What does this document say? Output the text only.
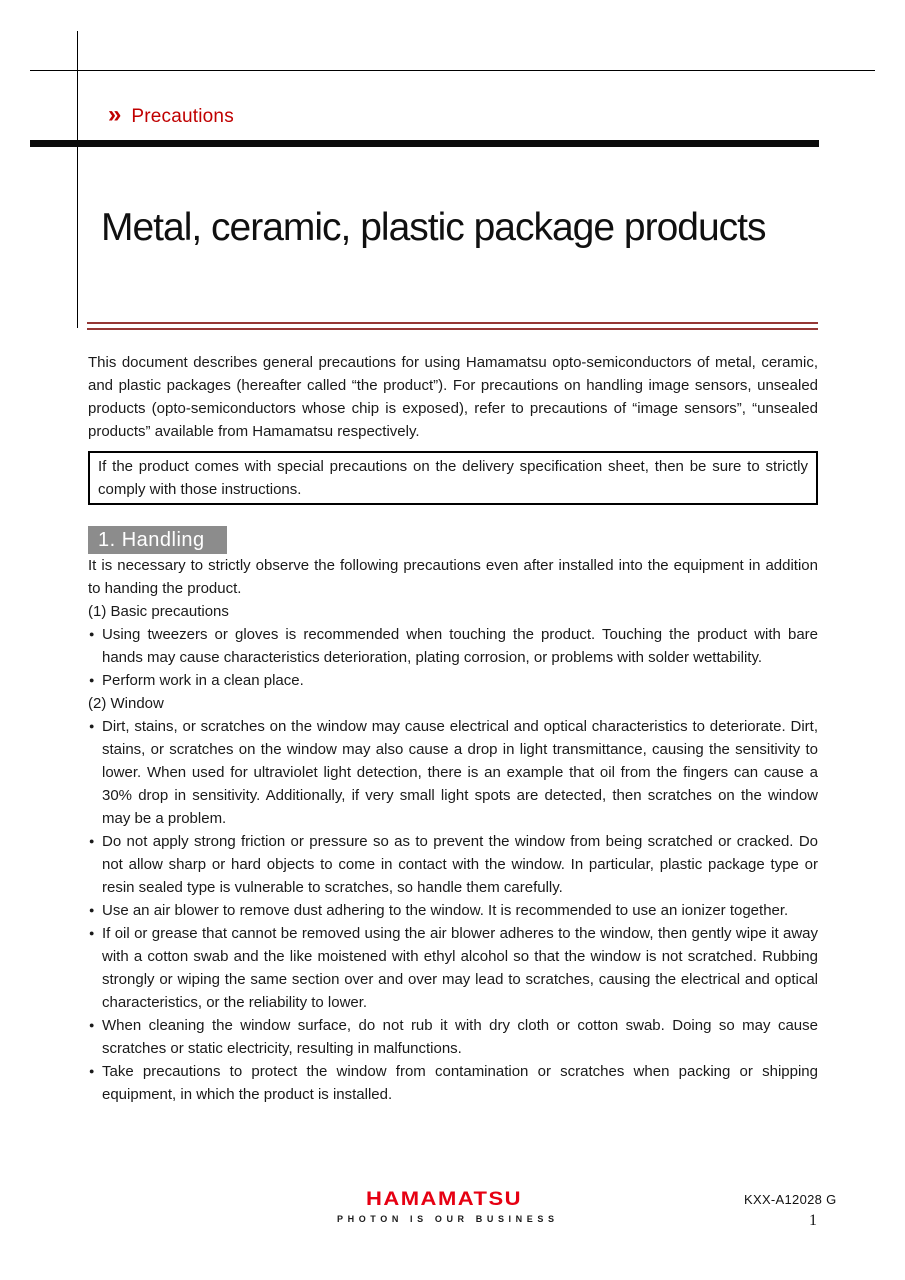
» Precautions
Metal, ceramic, plastic package products

This document describes general precautions for using Hamamatsu opto-semiconductors of metal, ceramic, and plastic packages (hereafter called “the product”). For precautions on handling image sensors, unsealed products (opto-semiconductors whose chip is exposed), refer to precautions of “image sensors”, “unsealed products” available from Hamamatsu respectively.

If the product comes with special precautions on the delivery specification sheet, then be sure to strictly comply with those instructions.

1. Handling

It is necessary to strictly observe the following precautions even after installed into the equipment in addition to handing the product.

(1) Basic precautions

● Using tweezers or gloves is recommended when touching the product. Touching the product with bare hands may cause characteristics deterioration, plating corrosion, or problems with solder wettability.

● Perform work in a clean place.

(2) Window

● Dirt, stains, or scratches on the window may cause electrical and optical characteristics to deteriorate. Dirt, stains, or scratches on the window may also cause a drop in light transmittance, causing the sensitivity to lower. When used for ultraviolet light detection, there is an example that oil from the fingers can cause a 30% drop in sensitivity. Additionally, if very small light spots are detected, then scratches on the window may be a problem.

● Do not apply strong friction or pressure so as to prevent the window from being scratched or cracked. Do not allow sharp or hard objects to come in contact with the window. In particular, plastic package type or resin sealed type is vulnerable to scratches, so handle them carefully.

● Use an air blower to remove dust adhering to the window. It is recommended to use an ionizer together.

● If oil or grease that cannot be removed using the air blower adheres to the window, then gently wipe it away with a cotton swab and the like moistened with ethyl alcohol so that the window is not scratched. Rubbing strongly or wiping the same section over and over may lead to scratches, causing the electrical and optical characteristics, or the reliability to lower.

● When cleaning the window surface, do not rub it with dry cloth or cotton swab. Doing so may cause scratches or static electricity, resulting in malfunctions.

● Take precautions to protect the window from contamination or scratches when packing or shipping equipment, in which the product is installed.

HAMAMATSU
PHOTON IS OUR BUSINESS
KXX-A12028 G
1
